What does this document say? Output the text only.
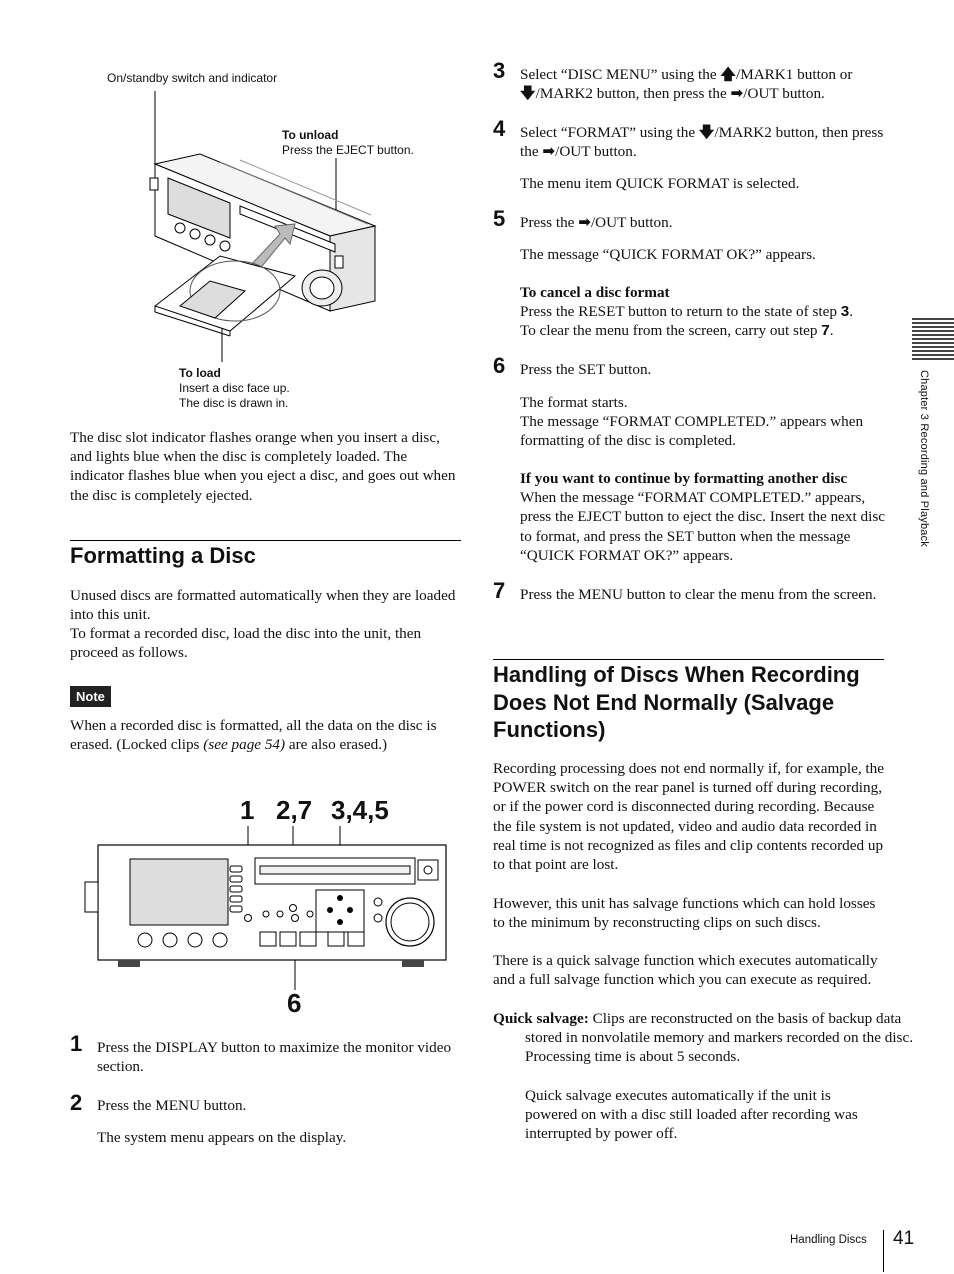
On/standby switch and indicator
To unload
Press the EJECT button.
To load
Insert a disc face up.
The disc is drawn in.
The disc slot indicator flashes orange when you insert a disc, and lights blue when the disc is completely loaded. The indicator flashes blue when you eject a disc, and goes out when the disc is completely ejected.
Formatting a Disc
Unused discs are formatted automatically when they are loaded into this unit.
To format a recorded disc, load the disc into the unit, then proceed as follows.
Note
When a recorded disc is formatted, all the data on the disc is erased. (Locked clips (see page 54) are also erased.)
1 2,7 3,4,5
6
1 Press the DISPLAY button to maximize the monitor video section.
2 Press the MENU button.
The system menu appears on the display.
3 Select “DISC MENU” using the 🡅/MARK1 button or
🡇/MARK2 button, then press the ➡/OUT button.
4 Select “FORMAT” using the 🡇/MARK2 button, then press the ➡/OUT button.
The menu item QUICK FORMAT is selected.
5 Press the ➡/OUT button.
The message “QUICK FORMAT OK?” appears.
To cancel a disc format
Press the RESET button to return to the state of step 3.
To clear the menu from the screen, carry out step 7.
6 Press the SET button.
The format starts.
The message “FORMAT COMPLETED.” appears when formatting of the disc is completed.
If you want to continue by formatting another disc
When the message “FORMAT COMPLETED.” appears, press the EJECT button to eject the disc. Insert the next disc to format, and press the SET button when the message “QUICK FORMAT OK?” appears.
7 Press the MENU button to clear the menu from the screen.
Handling of Discs When Recording
Does Not End Normally (Salvage
Functions)
Recording processing does not end normally if, for example, the POWER switch on the rear panel is turned off during recording, or if the power cord is disconnected during recording. Because the file system is not updated, video and audio data recorded in real time is not recognized as files and clip contents recorded up to that point are lost.
However, this unit has salvage functions which can hold losses to the minimum by reconstructing clips on such discs.
There is a quick salvage function which executes automatically and a full salvage function which you can execute as required.
Quick salvage: Clips are reconstructed on the basis of backup data stored in nonvolatile memory and markers recorded on the disc. Processing time is about 5 seconds.
Quick salvage executes automatically if the unit is powered on with a disc still loaded after recording was interrupted by power off.
Chapter 3 Recording and Playback
Handling Discs 41
